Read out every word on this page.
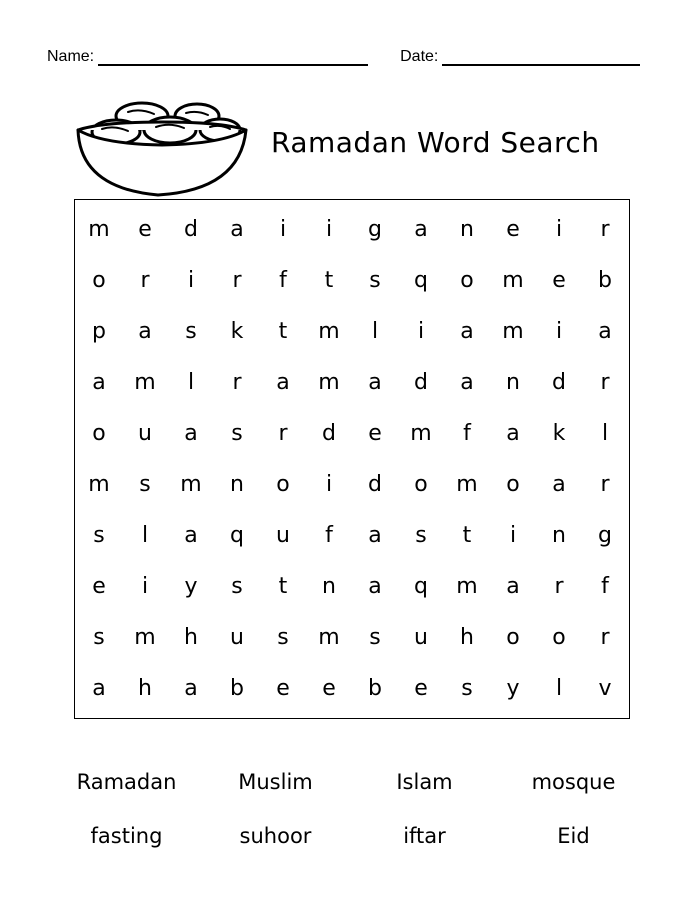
Name:	Date:
Ramadan Word Search
m	e	d	a	i	i	g	a	n	e	i	r
o	r	i	r	f	t	s	q	o	m	e	b
p	a	s	k	t	m	l	i	a	m	i	a
a	m	l	r	a	m	a	d	a	n	d	r
o	u	a	s	r	d	e	m	f	a	k	l
m	s	m	n	o	i	d	o	m	o	a	r
s	l	a	q	u	f	a	s	t	i	n	g
e	i	y	s	t	n	a	q	m	a	r	f
s	m	h	u	s	m	s	u	h	o	o	r
a	h	a	b	e	e	b	e	s	y	l	v
Ramadan	Muslim	Islam	mosque
fasting	suhoor	iftar	Eid
